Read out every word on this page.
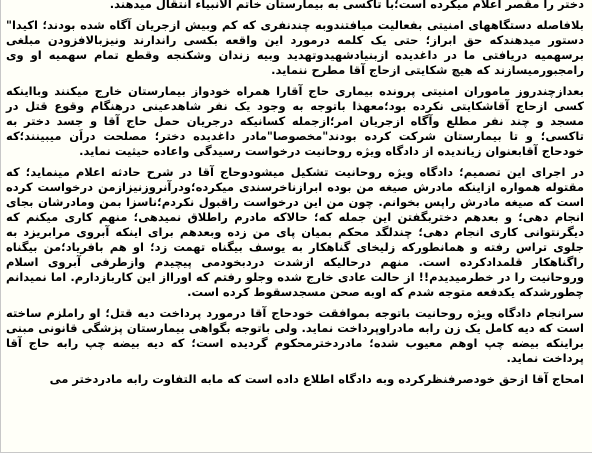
دختر را مقصر اعلام میکرده است؛با تاکسی به بیمارستان خاتم الانبیاء انتقال میدهند.

بلافاصله دستگاههای امنیتی بفعالیت میافتندوبه چندنفری که کم وبیش ازجریان آگاه شده بودند؛ اکیدا" دستور میدهندکه حق ابراز؛ حتی یک کلمه درمورد این واقعه بکسی راندارند ونیزبالافزودن مبلغی برسهمیه دریافتی ما در داغدیده ازبنیادشهیدوتهدید وبیه زندان وشکنجه وقطع تمام سهمیه او وی رامجبورمیسازند که هیچ شکایتی ازحاج آقا مطرح ننماید.

بعدازچندروز ماموران امنیتی پرونده بیماری حاج آقارا همراه خودواز بیمارستان خارج میکنند وبااینکه کسی ازحاج آقاشکایتی نکرده بود؛معهذا باتوجه به وجود یک نفر شاهدعینی درهنگام وقوع قتل در مسجد و چند نفر مطلع وآگاه ازجریان امر؛ازجمله کسانیکه درجریان حمل حاج آقا و جسد دختر به تاکسی؛ و تا بیمارستان شرکت کرده بودند"مخصوصا"مادر داغدیده دختر؛ مصلحت دراَن میبینند؛که خودحاج آقابعنوان زیاندیده از دادگاه ویژه روحانیت درخواست رسیدگی واعاده حیثیت نماید.

در اجرای این تصمیم؛ دادگاه ویژه روحانیت تشکیل میشودوحاج آقا در شرح حادثه اعلام مینماید؛ که مقتوله همواره ازاینکه مادرش صیغه من بوده ابرازناخرسندی میکرده؛ودرآنروزنیزازمن درخواست کرده است که صیغه مادرش راپس بخوانم. چون من این درخواست راقبول نکردم؛ناسزا بمن ومادرشان بجای انجام دهی؛ و بعدهم دختربگفتن این جمله که؛ حالاکه مادرم راطلاق نمیدهی؛ منهم کاری میکنم که دیگرنتوانی کاری انجام دهی؛ چندلگد محکم بمیان پای من زده وبعدهم برای اینکه آبروی مرابریزد به جلوی تراس رفته و همانطورکه زلیخای گناهکار به یوسف بیگناه تهمت زد؛ او هم بافریاد؛من بیگناه راگناهکار قلمدادکرده است. منهم درحالیکه ازشدت دردبخودمی پیچیدم وازطرفی آبروی اسلام وروحانیت را در خطرمیدیدم!! از حالت عادی خارج شده وجلو رفتم که اورااز این کاربازدارم. اما نمیدانم چطورشدکه یکدفعه متوجه شدم که اوبه صحن مسجدسقوط کرده است.

سرانجام دادگاه ویژه روحانیت باتوجه بموافقت خودحاج آقا درمورد پرداخت دیه قتل؛ او راملزم ساخته است که دیه کامل یک زن رابه مادراوپرداخت نماید. ولی باتوجه بگواهی بیمارستان پزشگی قانونی مبنی براینکه بیضه چپ اوهم معیوب شده؛ مادردخترمحکوم گردیده است؛ که دیه بیضه چپ رابه حاج آقا پرداخت نماید.

امحاج آقا ازحق خودصرفنظرکرده وبه دادگاه اطلاع داده است که مابه التفاوت رابه مادردختر می
